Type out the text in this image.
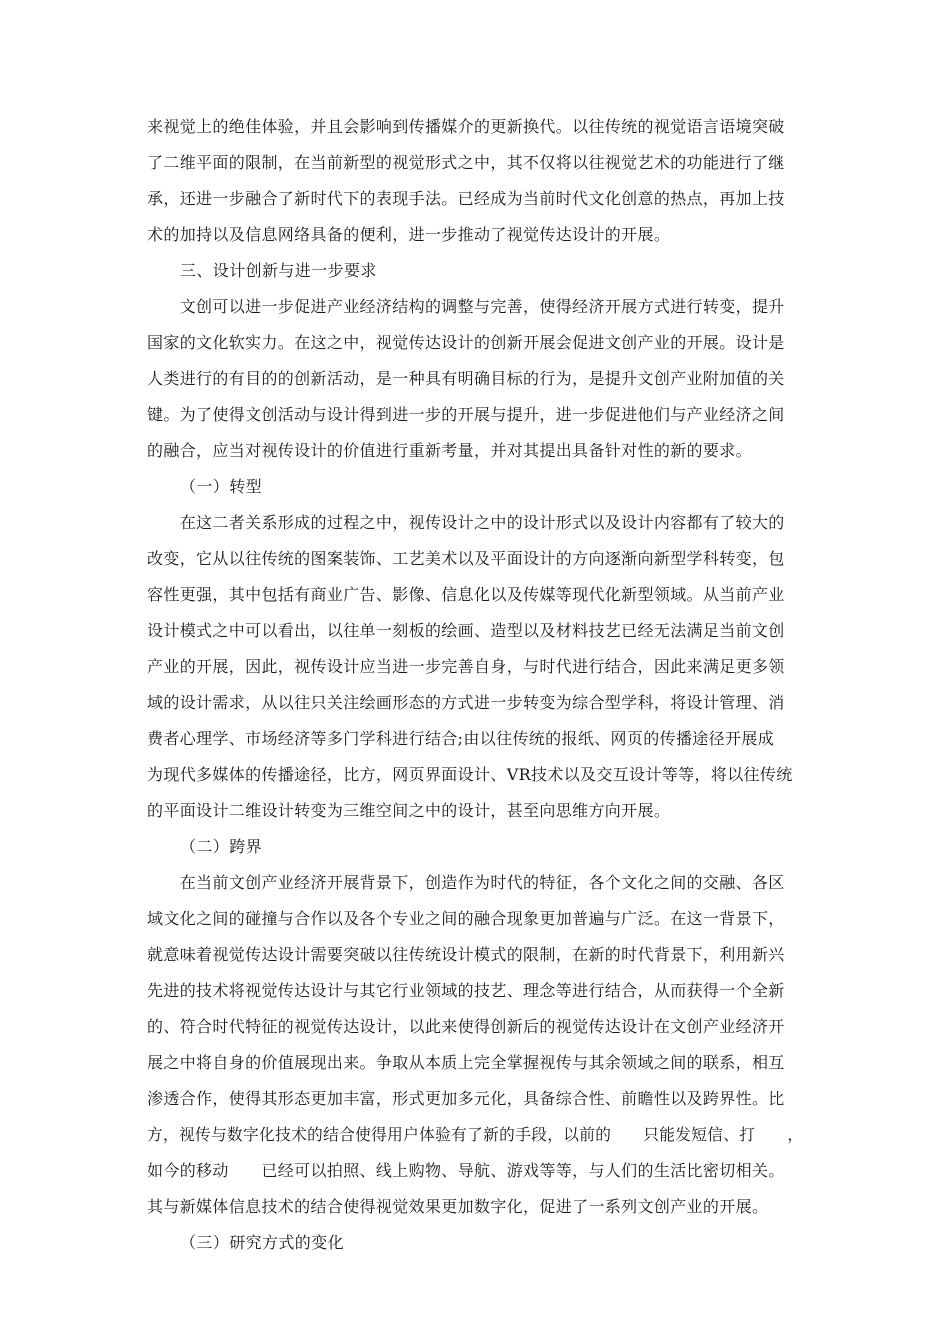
来视觉上的绝佳体验，并且会影响到传播媒介的更新换代。以往传统的视觉语言语境突破
了二维平面的限制，在当前新型的视觉形式之中，其不仅将以往视觉艺术的功能进行了继
承，还进一步融合了新时代下的表现手法。已经成为当前时代文化创意的热点，再加上技
术的加持以及信息网络具备的便利，进一步推动了视觉传达设计的开展。
三、设计创新与进一步要求
　　文创可以进一步促进产业经济结构的调整与完善，使得经济开展方式进行转变，提升
国家的文化软实力。在这之中，视觉传达设计的创新开展会促进文创产业的开展。设计是
人类进行的有目的的创新活动，是一种具有明确目标的行为，是提升文创产业附加值的关
键。为了使得文创活动与设计得到进一步的开展与提升，进一步促进他们与产业经济之间
的融合，应当对视传设计的价值进行重新考量，并对其提出具备针对性的新的要求。
（一）转型
　　在这二者关系形成的过程之中，视传设计之中的设计形式以及设计内容都有了较大的
改变，它从以往传统的图案装饰、工艺美术以及平面设计的方向逐渐向新型学科转变，包
容性更强，其中包括有商业广告、影像、信息化以及传媒等现代化新型领域。从当前产业
设计模式之中可以看出，以往单一刻板的绘画、造型以及材料技艺已经无法满足当前文创
产业的开展，因此，视传设计应当进一步完善自身，与时代进行结合，因此来满足更多领
域的设计需求，从以往只关注绘画形态的方式进一步转变为综合型学科，将设计管理、消
费者心理学、市场经济等多门学科进行结合;由以往传统的报纸、网页的传播途径开展成
为现代多媒体的传播途径，比方，网页界面设计、VR技术以及交互设计等等，将以往传统
的平面设计二维设计转变为三维空间之中的设计，甚至向思维方向开展。
（二）跨界
　　在当前文创产业经济开展背景下，创造作为时代的特征，各个文化之间的交融、各区
域文化之间的碰撞与合作以及各个专业之间的融合现象更加普遍与广泛。在这一背景下，
就意味着视觉传达设计需要突破以往传统设计模式的限制，在新的时代背景下，利用新兴
先进的技术将视觉传达设计与其它行业领域的技艺、理念等进行结合，从而获得一个全新
的、符合时代特征的视觉传达设计，以此来使得创新后的视觉传达设计在文创产业经济开
展之中将自身的价值展现出来。争取从本质上完全掌握视传与其余领域之间的联系，相互
渗透合作，使得其形态更加丰富，形式更加多元化，具备综合性、前瞻性以及跨界性。比
方，视传与数字化技术的结合使得用户体验有了新的手段，以前的　　只能发短信、打　　，
如今的移动　　已经可以拍照、线上购物、导航、游戏等等，与人们的生活比密切相关。
其与新媒体信息技术的结合使得视觉效果更加数字化，促进了一系列文创产业的开展。
（三）研究方式的变化
